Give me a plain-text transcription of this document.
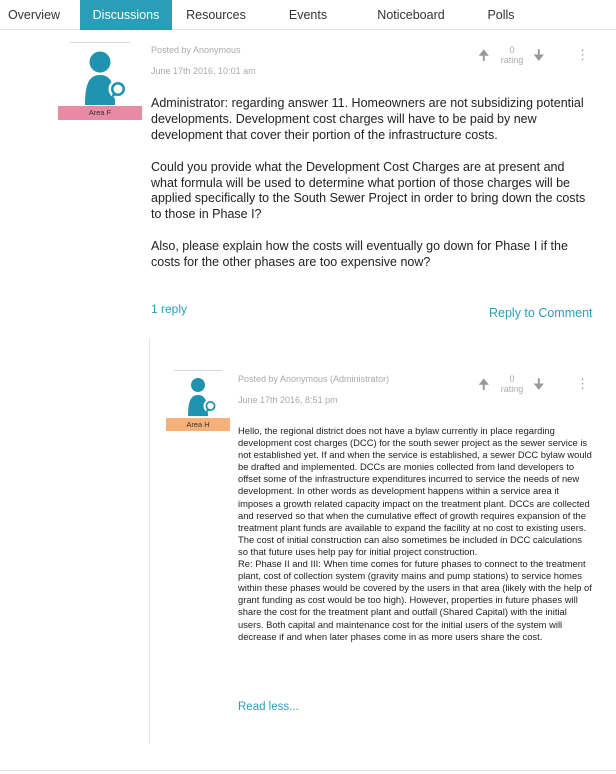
Overview	Discussions	Resources	Events	Noticeboard	Polls
Area F
Posted by Anonymous
June 17th 2016, 10:01 am
🠉	0
rating 🠋 ⋮

Administrator: regarding answer 11. Homeowners are not subsidizing potential developments. Development cost charges will have to be paid by new development that cover their portion of the infrastructure costs.

Could you provide what the Development Cost Charges are at present and what formula will be used to determine what portion of those charges will be applied specifically to the South Sewer Project in order to bring down the costs to those in Phase I?

Also, please explain how the costs will eventually go down for Phase I if the costs for the other phases are too expensive now?

1 reply	Reply to Comment
Area H
Posted by Anonymous (Administrator)
June 17th 2016, 8:51 pm
🠉	0
rating 🠋 ⋮
Hello, the regional district does not have a bylaw currently in place regarding development cost charges (DCC) for the south sewer project as the sewer service is not established yet. If and when the service is established, a sewer DCC bylaw would be drafted and implemented. DCCs are monies collected from land developers to offset some of the infrastructure expenditures incurred to service the needs of new development. In other words as development happens within a service area it imposes a growth related capacity impact on the treatment plant. DCCs are collected and reserved so that when the cumulative effect of growth requires expansion of the treatment plant funds are available to expand the facility at no cost to existing users. The cost of initial construction can also sometimes be included in DCC calculations so that future uses help pay for initial project construction.
Re: Phase II and III: When time comes for future phases to connect to the treatment plant, cost of collection system (gravity mains and pump stations) to service homes within these phases would be covered by the users in that area (likely with the help of grant funding as cost would be too high). However, properties in future phases will share the cost for the treatment plant and outfall (Shared Capital) with the initial users. Both capital and maintenance cost for the initial users of the system will decrease if and when later phases come in as more users share the cost.
Read less...
